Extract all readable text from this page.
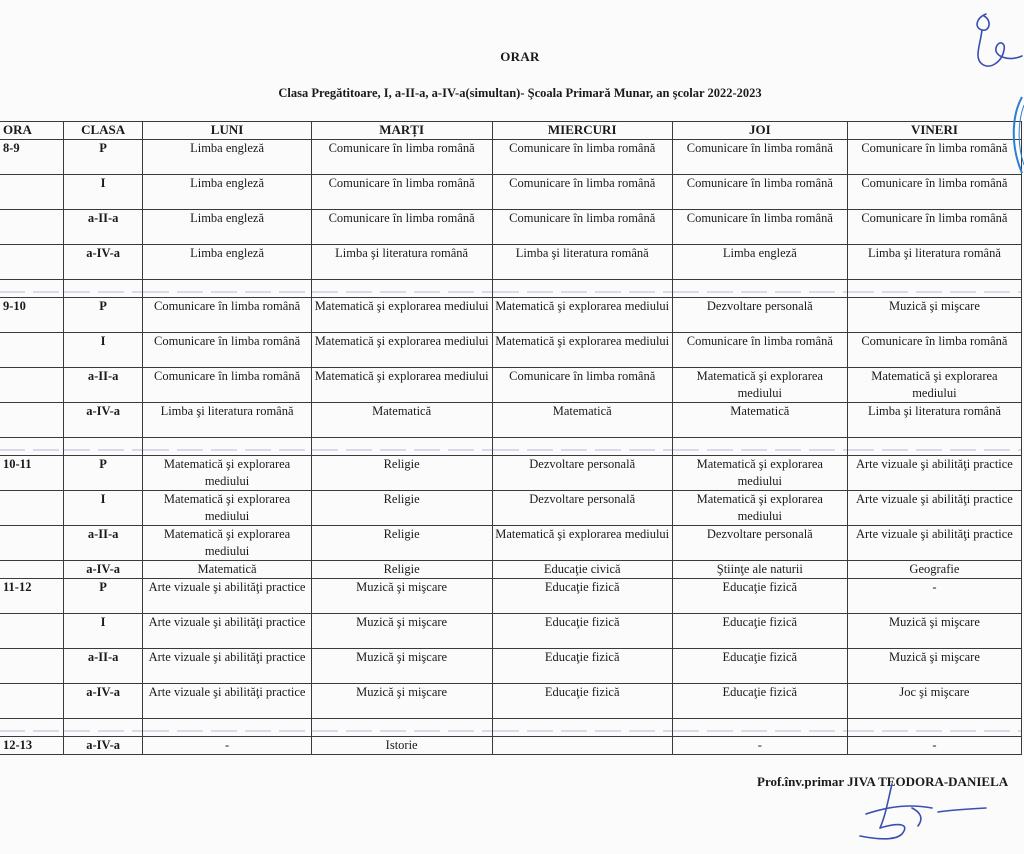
ORAR
Clasa Pregătitoare, I, a-II-a, a-IV-a(simultan)- Şcoala Primară Munar, an şcolar 2022-2023
ORA	CLASA	LUNI	MARȚI	MIERCURI	JOI	VINERI
8-9	P	Limba engleză	Comunicare în limba română	Comunicare în limba română	Comunicare în limba română	Comunicare în limba română
	I	Limba engleză	Comunicare în limba română	Comunicare în limba română	Comunicare în limba română	Comunicare în limba română
	a-II-a	Limba engleză	Comunicare în limba română	Comunicare în limba română	Comunicare în limba română	Comunicare în limba română
	a-IV-a	Limba engleză	Limba şi literatura română	Limba şi literatura română	Limba engleză	Limba şi literatura română

9-10	P	Comunicare în limba română	Matematică şi explorarea mediului	Matematică şi explorarea mediului	Dezvoltare personală	Muzică şi mişcare
	I	Comunicare în limba română	Matematică şi explorarea mediului	Matematică şi explorarea mediului	Comunicare în limba română	Comunicare în limba română
	a-II-a	Comunicare în limba română	Matematică şi explorarea mediului	Comunicare în limba română	Matematică şi explorarea mediului	Matematică şi explorarea mediului
	a-IV-a	Limba şi literatura română	Matematică	Matematică	Matematică	Limba şi literatura română

10-11	P	Matematică şi explorarea mediului	Religie	Dezvoltare personală	Matematică şi explorarea mediului	Arte vizuale şi abilităţi practice
	I	Matematică şi explorarea mediului	Religie	Dezvoltare personală	Matematică şi explorarea mediului	Arte vizuale şi abilităţi practice
	a-II-a	Matematică şi explorarea mediului	Religie	Matematică şi explorarea mediului	Dezvoltare personală	Arte vizuale şi abilităţi practice
	a-IV-a	Matematică	Religie	Educaţie civică	Ştiinţe ale naturii	Geografie
11-12	P	Arte vizuale şi abilităţi practice	Muzică şi mişcare	Educaţie fizică	Educaţie fizică	-
	I	Arte vizuale şi abilităţi practice	Muzică şi mişcare	Educaţie fizică	Educaţie fizică	Muzică şi mişcare
	a-II-a	Arte vizuale şi abilităţi practice	Muzică şi mişcare	Educaţie fizică	Educaţie fizică	Muzică şi mişcare
	a-IV-a	Arte vizuale şi abilităţi practice	Muzică şi mişcare	Educaţie fizică	Educaţie fizică	Joc şi mişcare

12-13	a-IV-a	-	Istorie		-	-
Prof.înv.primar JIVA TEODORA-DANIELA
